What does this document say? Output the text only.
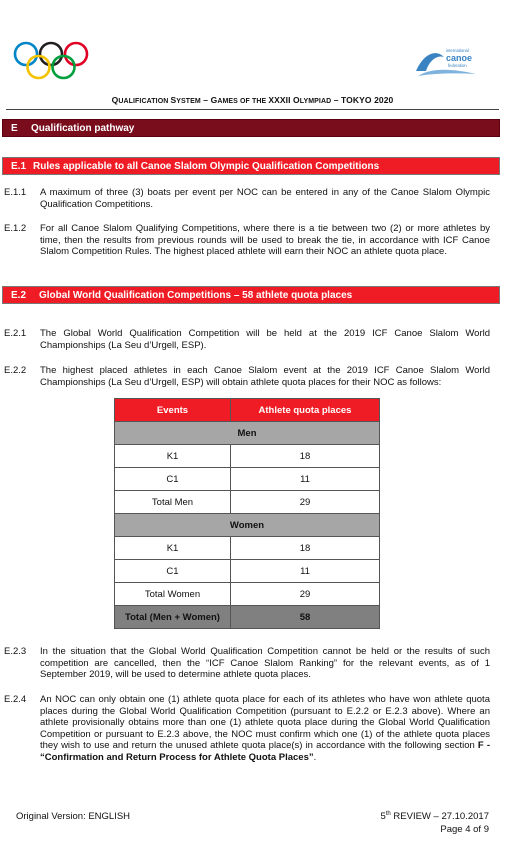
international
canoe
federation
QUALIFICATION SYSTEM – GAMES OF THE XXXII OLYMPIAD – TOKYO 2020
E Qualification pathway
E.1 Rules applicable to all Canoe Slalom Olympic Qualification Competitions
E.1.1 A maximum of three (3) boats per event per NOC can be entered in any of the Canoe Slalom Olympic Qualification Competitions.
E.1.2 For all Canoe Slalom Qualifying Competitions, where there is a tie between two (2) or more athletes by time, then the results from previous rounds will be used to break the tie, in accordance with ICF Canoe Slalom Competition Rules. The highest placed athlete will earn their NOC an athlete quota place.
E.2 Global World Qualification Competitions – 58 athlete quota places
E.2.1 The Global World Qualification Competition will be held at the 2019 ICF Canoe Slalom World Championships (La Seu d’Urgell, ESP).
E.2.2 The highest placed athletes in each Canoe Slalom event at the 2019 ICF Canoe Slalom World Championships (La Seu d’Urgell, ESP) will obtain athlete quota places for their NOC as follows:
Events	Athlete quota places
Men	
K1	18
C1	11
Total Men	29
Women	
K1	18
C1	11
Total Women	29
Total (Men + Women)	58
E.2.3 In the situation that the Global World Qualification Competition cannot be held or the results of such competition are cancelled, then the “ICF Canoe Slalom Ranking” for the relevant events, as of 1 September 2019, will be used to determine athlete quota places.
E.2.4 An NOC can only obtain one (1) athlete quota place for each of its athletes who have won athlete quota places during the Global World Qualification Competition (pursuant to E.2.2 or E.2.3 above). Where an athlete provisionally obtains more than one (1) athlete quota place during the Global World Qualification Competition or pursuant to E.2.3 above, the NOC must confirm which one (1) of the athlete quota places they wish to use and return the unused athlete quota place(s) in accordance with the following section F - “Confirmation and Return Process for Athlete Quota Places”.
Original Version: ENGLISH	5th REVIEW – 27.10.2017
Page 4 of 9
